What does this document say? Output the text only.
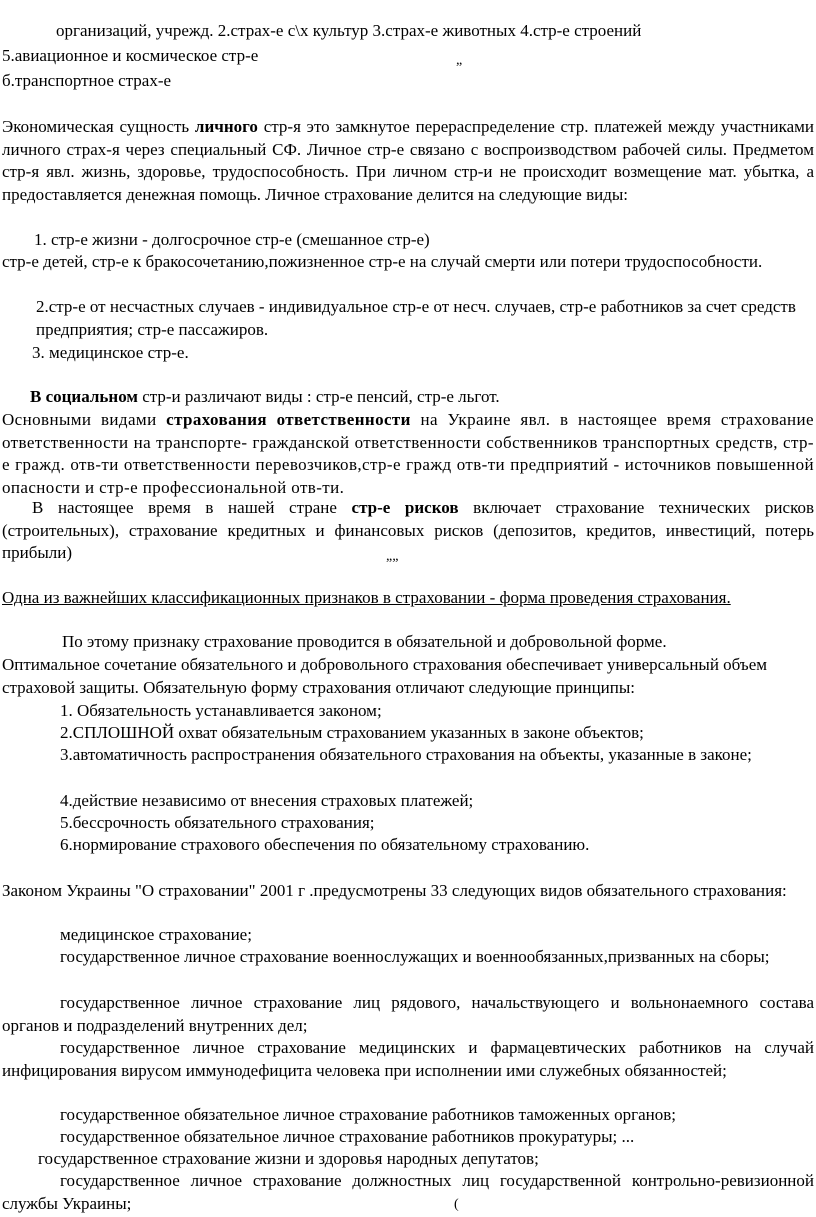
организаций, учрежд. 2.страх-е с\х культур 3.страх-е животных 4.стр-е строений
5.авиационное и космическое стр-е	„
б.транспортное страх-е
Экономическая сущность личного стр-я это замкнутое перераспределение стр. платежей между участниками личного страх-я через специальный СФ. Личное стр-е связано с воспроизводством рабочей силы. Предметом стр-я явл. жизнь, здоровье, трудоспособность. При личном стр-и не происходит возмещение мат. убытка, а предоставляется денежная помощь. Личное страхование делится на следующие виды:
1. стр-е жизни - долгосрочное стр-е (смешанное стр-е)
стр-е детей, стр-е к бракосочетанию,пожизненное стр-е на случай смерти или потери трудоспособности.
2.стр-е от несчастных случаев - индивидуальное стр-е от несч. случаев, стр-е работников за счет средств предприятия; стр-е пассажиров.
3. медицинское стр-е.
В социальном стр-и различают виды : стр-е пенсий, стр-е льгот.
Основными видами страхования ответственности на Украине явл. в настоящее время страхование ответственности на транспорте- гражданской ответственности собственников транспортных средств, стр-е гражд. отв-ти ответственности перевозчиков,стр-е гражд отв-ти предприятий - источников повышенной опасности и стр-е профессиональной отв-ти.
В настоящее время в нашей стране стр-е рисков включает страхование технических рисков (строительных), страхование кредитных и финансовых рисков (депозитов, кредитов, инвестиций, потерь прибыли)	„„
Одна из важнейших классификационных признаков в страховании - форма проведения страхования.
По этому признаку страхование проводится в обязательной и добровольной форме.
Оптимальное сочетание обязательного и добровольного страхования обеспечивает универсальный объем страховой защиты. Обязательную форму страхования отличают следующие принципы:
1. Обязательность устанавливается законом;
2.СПЛОШНОЙ охват обязательным страхованием указанных в законе объектов;
3.автоматичность распространения обязательного страхования на объекты, указанные в законе;
4.действие независимо от внесения страховых платежей;
5.бессрочность обязательного страхования;
6.нормирование страхового обеспечения по обязательному страхованию.
Законом Украины "О страховании" 2001 г .предусмотрены 33 следующих видов обязательного страхования:
медицинское страхование;
государственное личное страхование военнослужащих и военнообязанных,призванных на сборы;
государственное личное страхование лиц рядового, начальствующего и вольнонаемного состава органов и подразделений внутренних дел;
государственное личное страхование медицинских и фармацевтических работников на случай инфицирования вирусом иммунодефицита человека при исполнении ими служебных обязанностей;
государственное обязательное личное страхование работников таможенных органов;
государственное обязательное личное страхование работников прокуратуры; ...
государственное страхование жизни и здоровья народных депутатов;
государственное личное страхование должностных лиц государственной контрольно-ревизионной службы Украины;	(
